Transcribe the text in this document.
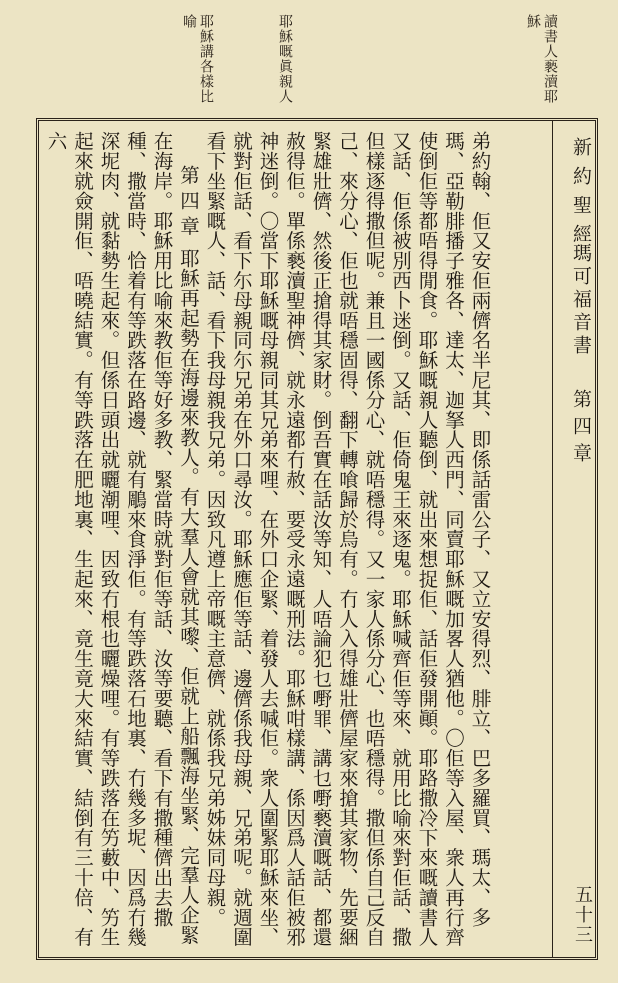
讀書人褻瀆耶穌
耶穌嘅眞親人
耶穌講各樣比喻
新約聖經
瑪可福音書
第四章
五十三
弟約翰、佢又安佢兩儕名半尼其、即係話雷公子、又立安得烈、腓立、巴多羅買、瑪太、多瑪、亞勒腓播子雅各、達太、迦拏人西門、同賣耶穌嘅加畧人猶他。〇佢等入屋、衆人再行齊使倒佢等都唔得閒食。耶穌嘅親人聽倒、就出來想捉佢、話佢發開顚。耶路撒冷下來嘅讀書人又話、佢係被別西卜迷倒。又話、佢倚鬼王來逐鬼。耶穌喊齊佢等來、就用比喻來對佢話、撒但樣逐得撒但呢。兼且一國係分心、就唔穩得。又一家人係分心、也唔穩得。撒但係自己反自己、來分心、佢也就唔穩固得、翻下轉喰歸於烏有。冇人入得雄壯儕屋家來搶其家物、先要綑緊雄壯儕、然後正搶得其家財。倒吾實在話汝等知、人唔論犯乜嘢罪、講乜嘢褻瀆嘅話、都還赦得佢。單係褻瀆聖神儕、就永遠都冇赦、要受永遠嘅刑法。耶穌咁樣講、係因爲人話佢被邪神迷倒。〇當下耶穌嘅母親同其兄弟來哩、在外口企緊、着發人去喊佢。衆人圍緊耶穌來坐、就對佢話、看下尓母親同尓兄弟在外口尋汝。耶穌應佢等話、邊儕係我母親、兄弟呢。就週圍看下坐緊嘅人、話、看下我母親我兄弟。因致凡遵上帝嘅主意儕、就係我兄弟姊妹同母親。
第四章 耶穌再起勢在海邊來教人。有大羣人會就其嚟、佢就上船飄海坐緊、完羣人企緊在海岸。耶穌用比喻來教佢等好多教、緊當時就對佢等話、汝等要聽、看下有撒種儕出去撒種、撒當時、恰着有等跌落在路邊、就有鵰來食淨佢。有等跌落石地裏、冇幾多坭、因爲冇幾深坭肉、就黏勢生起來。但係日頭出就曬潮哩、因致冇根也曬燥哩。有等跌落在竻藪中、竻生起來就僉開佢、唔曉結實。有等跌落在肥地裏、生起來、竟生竟大來結實、結倒有三十倍、有六
